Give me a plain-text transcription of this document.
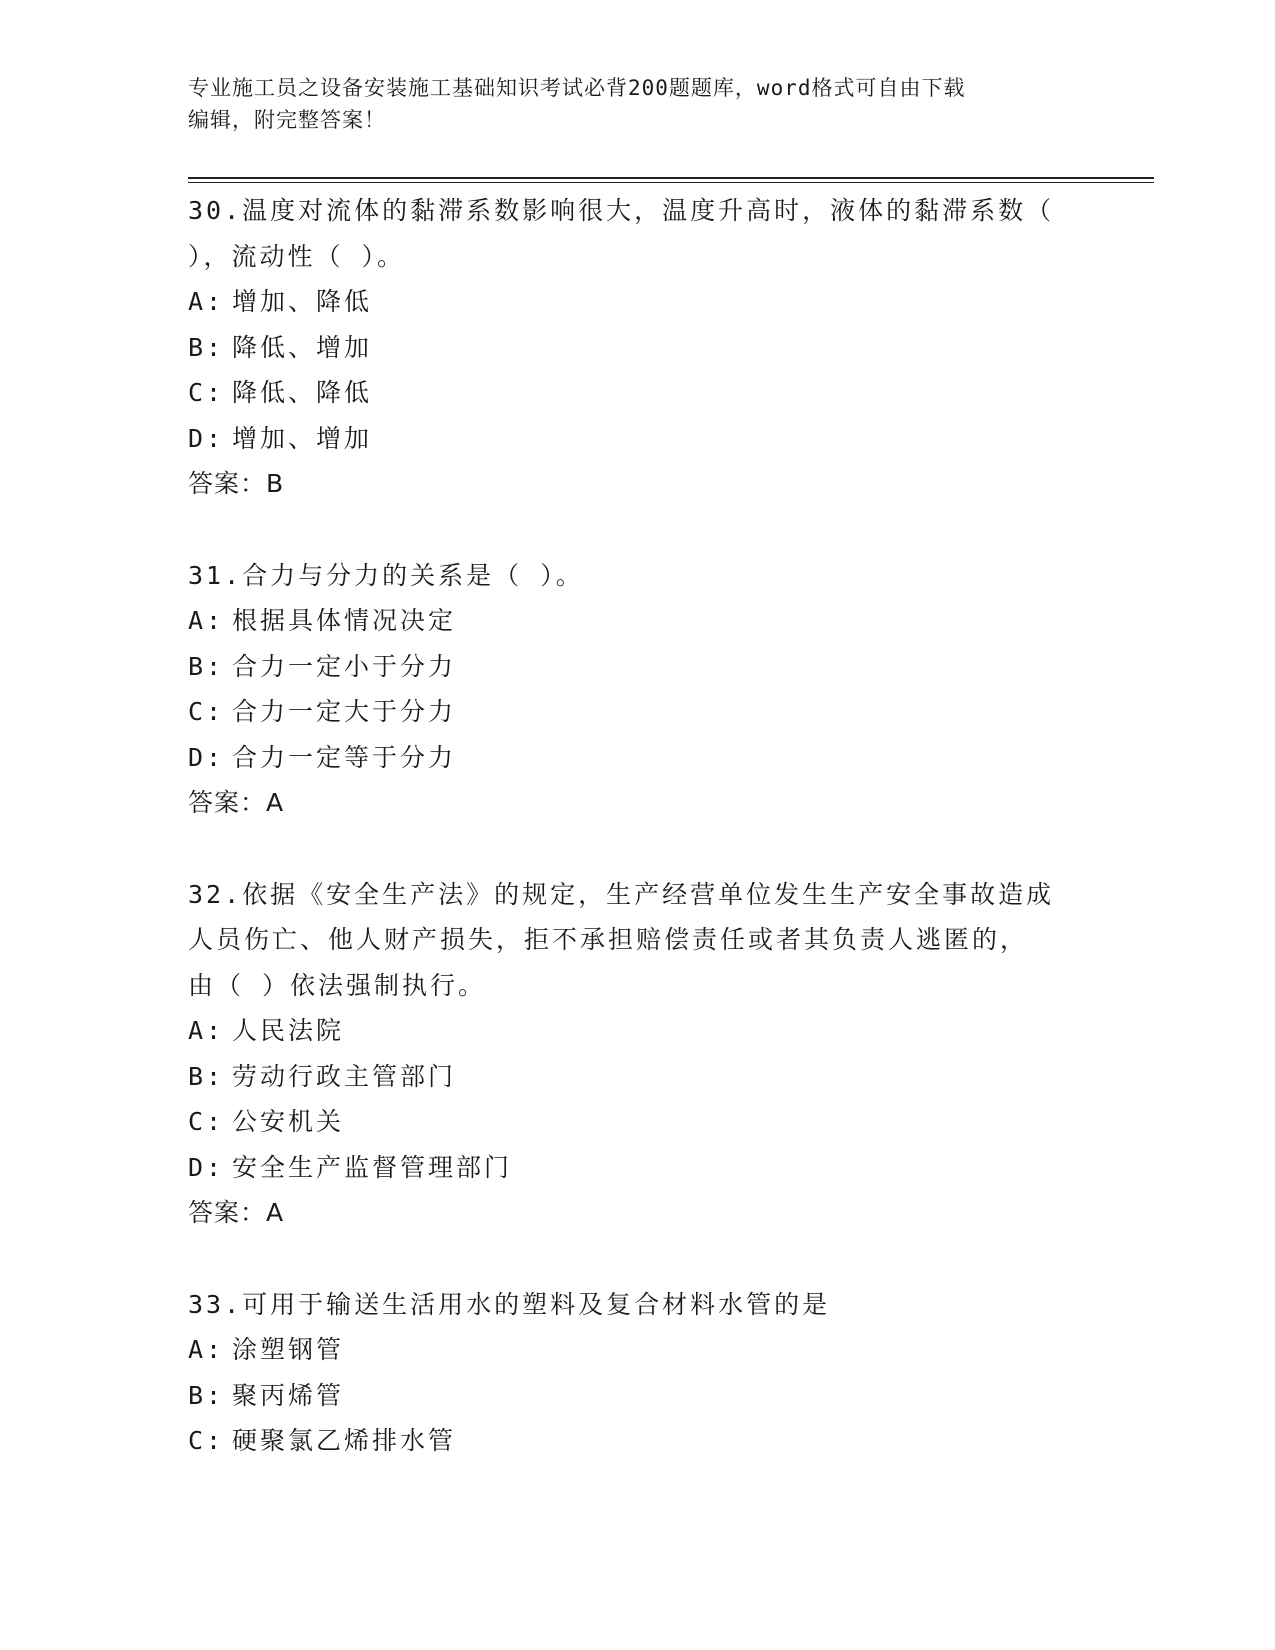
专业施工员之设备安装施工基础知识考试必背200题题库，word格式可自由下载
编辑，附完整答案！
30.温度对流体的黏滞系数影响很大，温度升高时，液体的黏滞系数（
），流动性（ ）。
A: 增加、降低
B: 降低、增加
C: 降低、降低
D: 增加、增加
答案：B
31.合力与分力的关系是（ ）。
A: 根据具体情况决定
B: 合力一定小于分力
C: 合力一定大于分力
D: 合力一定等于分力
答案：A
32.依据《安全生产法》的规定，生产经营单位发生生产安全事故造成
人员伤亡、他人财产损失，拒不承担赔偿责任或者其负责人逃匿的，
由（ ）依法强制执行。
A: 人民法院
B: 劳动行政主管部门
C: 公安机关
D: 安全生产监督管理部门
答案：A
33.可用于输送生活用水的塑料及复合材料水管的是
A: 涂塑钢管
B: 聚丙烯管
C: 硬聚氯乙烯排水管
